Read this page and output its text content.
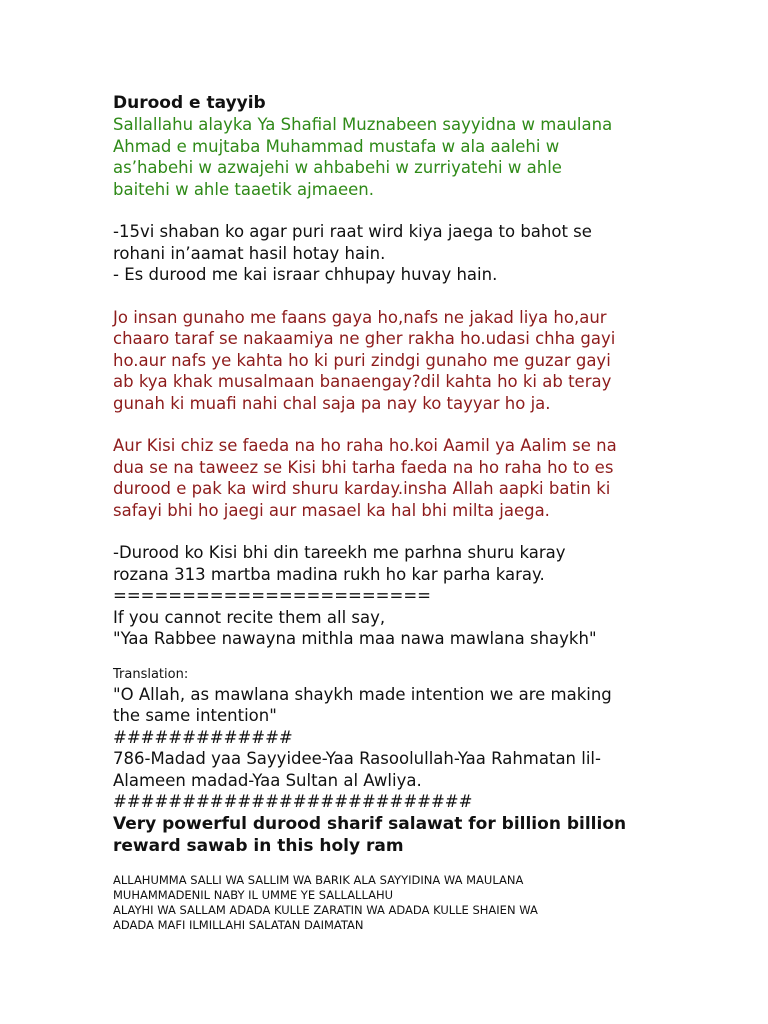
Durood e tayyib

Sallallahu alayka Ya Shafial Muznabeen sayyidna w maulana
Ahmad e mujtaba Muhammad mustafa w ala aalehi w
as’habehi w azwajehi w ahbabehi w zurriyatehi w ahle
baitehi w ahle taaetik ajmaeen.

-15vi shaban ko agar puri raat wird kiya jaega to bahot se
rohani in’aamat hasil hotay hain.
- Es durood me kai israar chhupay huvay hain.

Jo insan gunaho me faans gaya ho,nafs ne jakad liya ho,aur
chaaro taraf se nakaamiya ne gher rakha ho.udasi chha gayi
ho.aur nafs ye kahta ho ki puri zindgi gunaho me guzar gayi
ab kya khak musalmaan banaengay?dil kahta ho ki ab teray
gunah ki muafi nahi chal saja pa nay ko tayyar ho ja.

Aur Kisi chiz se faeda na ho raha ho.koi Aamil ya Aalim se na
dua se na taweez se Kisi bhi tarha faeda na ho raha ho to es
durood e pak ka wird shuru karday.insha Allah aapki batin ki
safayi bhi ho jaegi aur masael ka hal bhi milta jaega.

-Durood ko Kisi bhi din tareekh me parhna shuru karay
rozana 313 martba madina rukh ho kar parha karay.
=======================
If you cannot recite them all say,
"Yaa Rabbee nawayna mithla maa nawa mawlana shaykh"

Translation:

"O Allah, as mawlana shaykh made intention we are making
the same intention"
#############
786-Madad yaa Sayyidee-Yaa Rasoolullah-Yaa Rahmatan lil-
Alameen madad-Yaa Sultan al Awliya.
##########################

Very powerful durood sharif salawat for billion billion
reward sawab in this holy ram

ALLAHUMMA SALLI WA SALLIM WA BARIK ALA SAYYIDINA WA MAULANA
MUHAMMADENIL NABY IL UMME YE SALLALLAHU
ALAYHI WA SALLAM ADADA KULLE ZARATIN WA ADADA KULLE SHAIEN WA
ADADA MAFI ILMILLAHI SALATAN DAIMATAN
